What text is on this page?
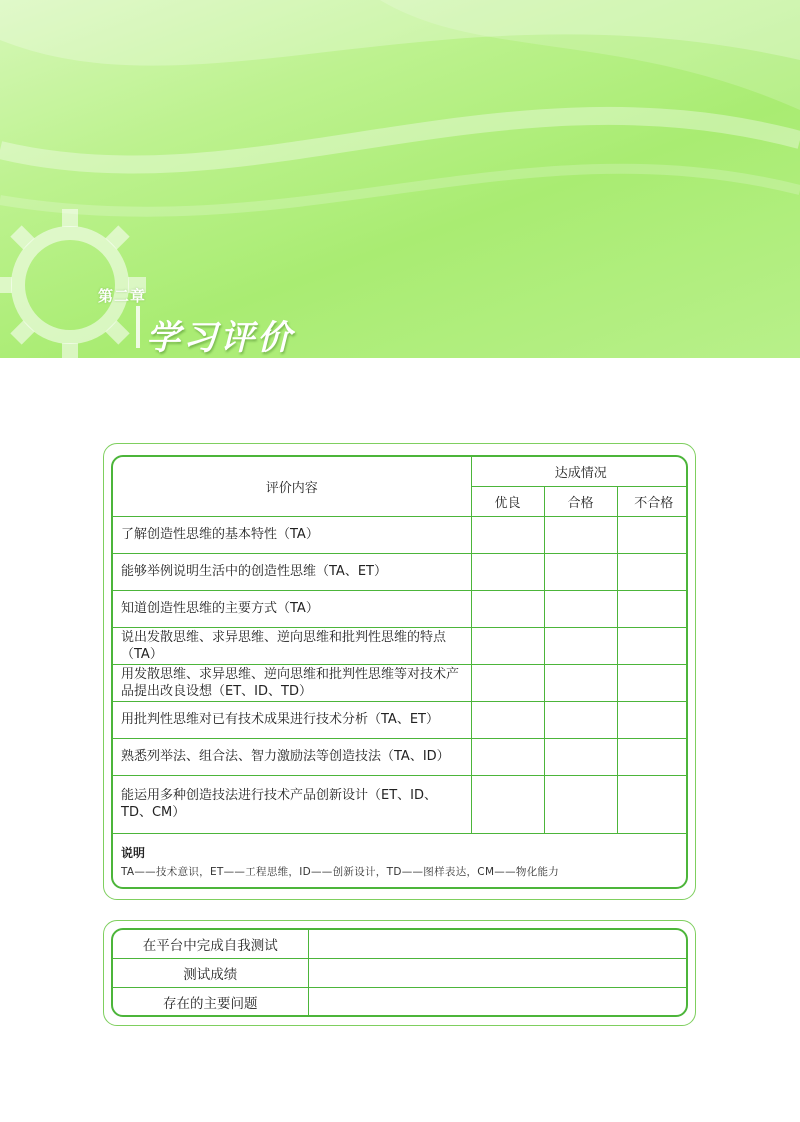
第二章
学习评价
评价内容	达成情况		
	优良	合格	不合格
了解创造性思维的基本特性（TA）			
能够举例说明生活中的创造性思维（TA、ET）			
知道创造性思维的主要方式（TA）			
说出发散思维、求异思维、逆向思维和批判性思维的特点（TA）			
用发散思维、求异思维、逆向思维和批判性思维等对技术产品提出改良设想（ET、ID、TD）			
用批判性思维对已有技术成果进行技术分析（TA、ET）			
熟悉列举法、组合法、智力激励法等创造技法（TA、ID）			
能运用多种创造技法进行技术产品创新设计（ET、ID、TD、CM）			

说明
TA——技术意识，ET——工程思维，ID——创新设计，TD——图样表达，CM——物化能力			
在平台中完成自我测试	
测试成绩	
存在的主要问题	
